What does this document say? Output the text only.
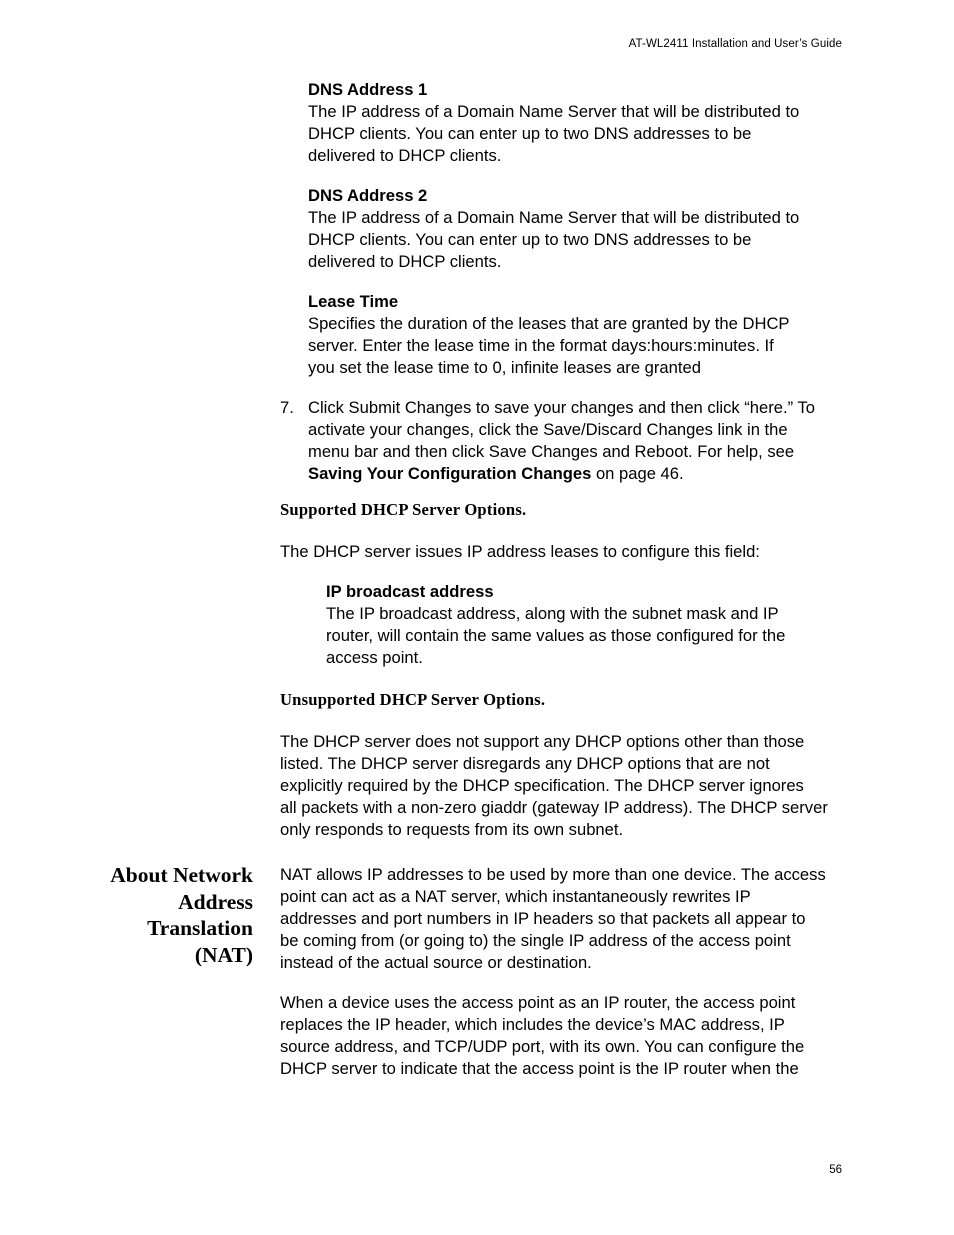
AT-WL2411 Installation and User’s Guide
DNS Address 1
The IP address of a Domain Name Server that will be distributed to
DHCP clients. You can enter up to two DNS addresses to be
delivered to DHCP clients.
DNS Address 2
The IP address of a Domain Name Server that will be distributed to
DHCP clients. You can enter up to two DNS addresses to be
delivered to DHCP clients.
Lease Time
Specifies the duration of the leases that are granted by the DHCP
server. Enter the lease time in the format days:hours:minutes. If
you set the lease time to 0, infinite leases are granted
7. Click Submit Changes to save your changes and then click “here.” To
activate your changes, click the Save/Discard Changes link in the
menu bar and then click Save Changes and Reboot. For help, see
Saving Your Configuration Changes on page 46.
Supported DHCP Server Options.
The DHCP server issues IP address leases to configure this field:
IP broadcast address
The IP broadcast address, along with the subnet mask and IP
router, will contain the same values as those configured for the
access point.
Unsupported DHCP Server Options.
The DHCP server does not support any DHCP options other than those
listed. The DHCP server disregards any DHCP options that are not
explicitly required by the DHCP specification. The DHCP server ignores
all packets with a non-zero giaddr (gateway IP address). The DHCP server
only responds to requests from its own subnet.
About Network
Address
Translation
(NAT)
NAT allows IP addresses to be used by more than one device. The access
point can act as a NAT server, which instantaneously rewrites IP
addresses and port numbers in IP headers so that packets all appear to
be coming from (or going to) the single IP address of the access point
instead of the actual source or destination.
When a device uses the access point as an IP router, the access point
replaces the IP header, which includes the device’s MAC address, IP
source address, and TCP/UDP port, with its own. You can configure the
DHCP server to indicate that the access point is the IP router when the
56
